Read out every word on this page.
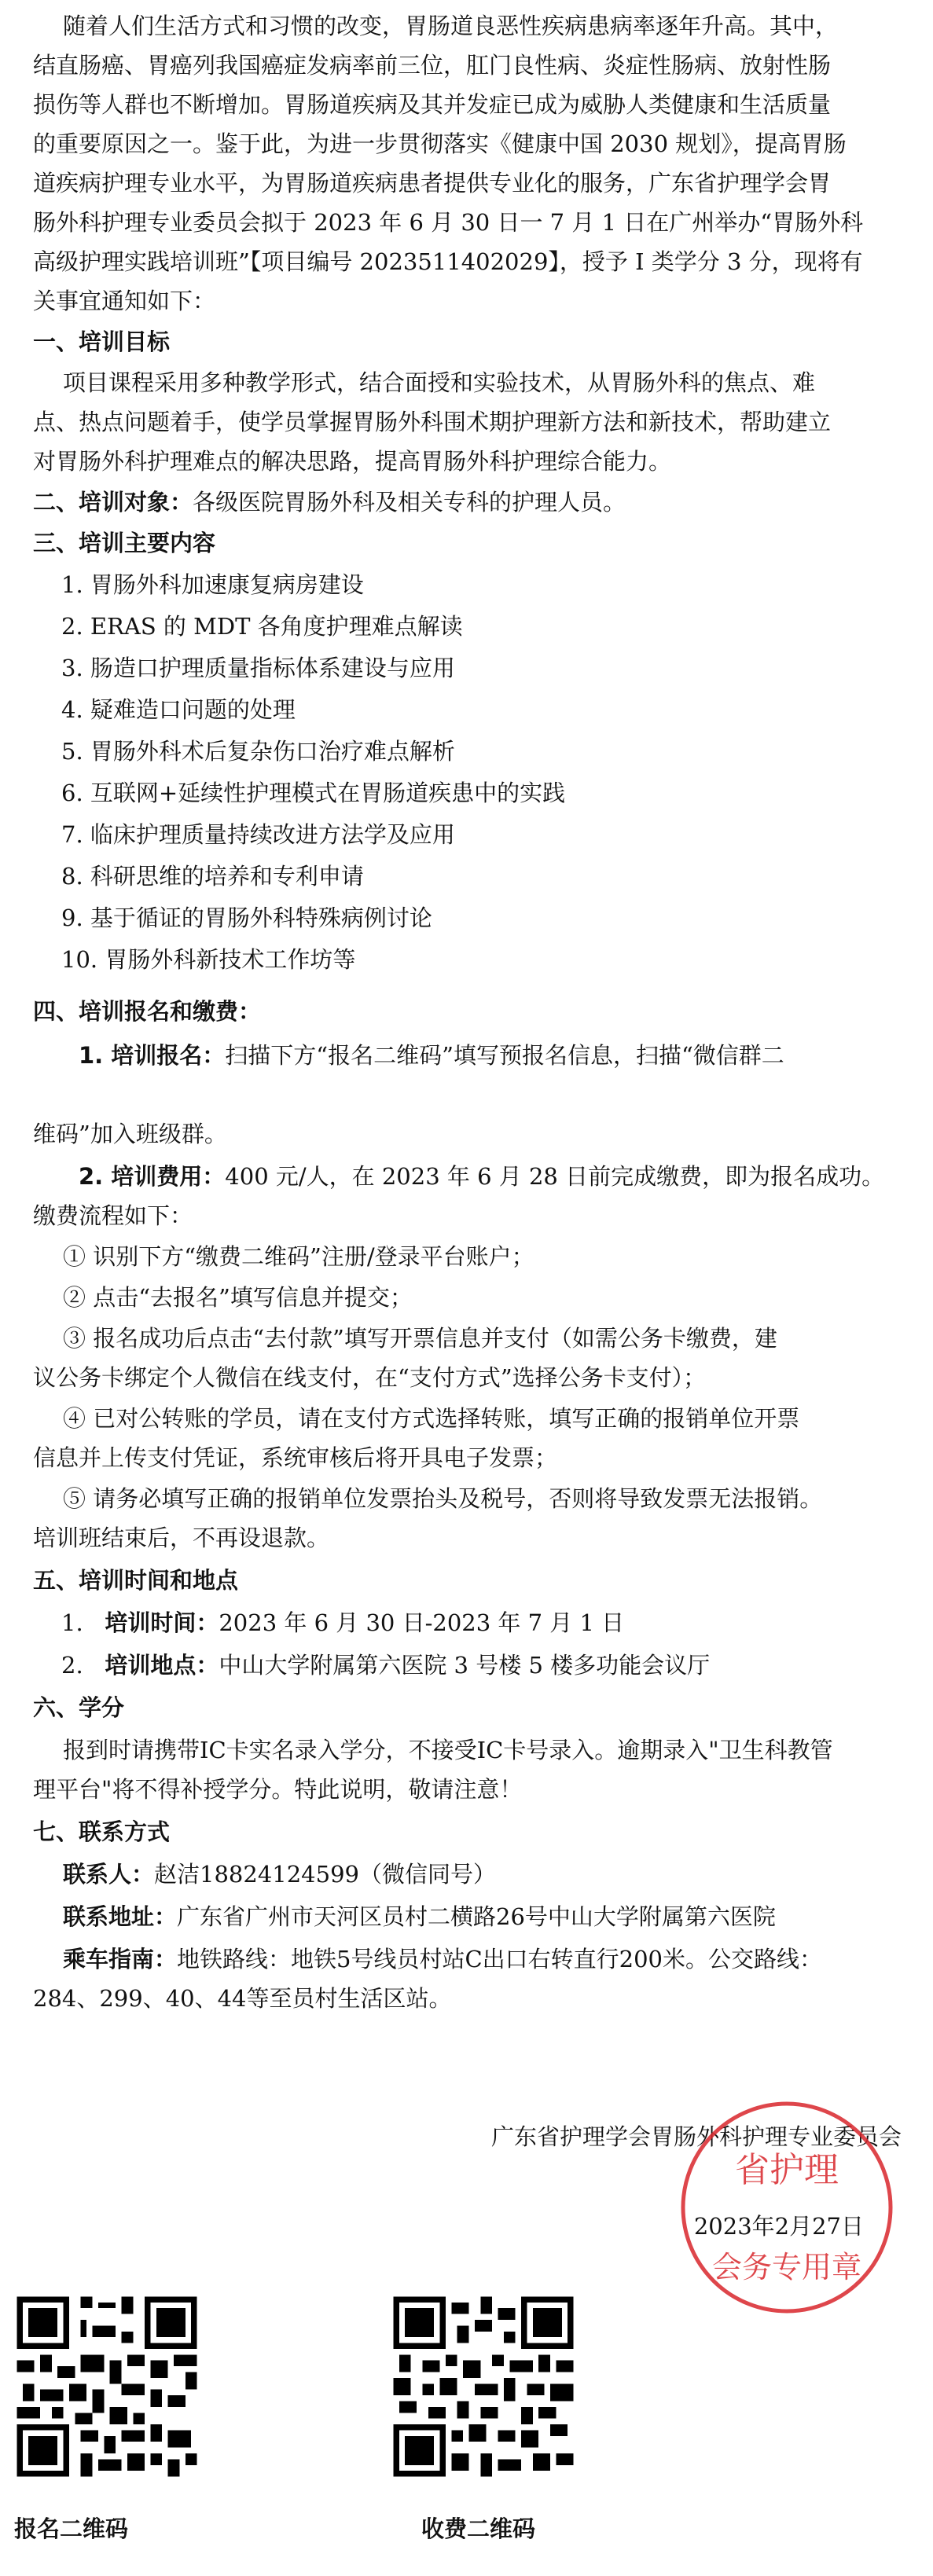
随着人们生活方式和习惯的改变，胃肠道良恶性疾病患病率逐年升高。其中，
结直肠癌、胃癌列我国癌症发病率前三位，肛门良性病、炎症性肠病、放射性肠
损伤等人群也不断增加。胃肠道疾病及其并发症已成为威胁人类健康和生活质量
的重要原因之一。鉴于此，为进一步贯彻落实《健康中国 2030 规划》，提高胃肠
道疾病护理专业水平，为胃肠道疾病患者提供专业化的服务，广东省护理学会胃
肠外科护理专业委员会拟于 2023 年 6 月 30 日一 7 月 1 日在广州举办“胃肠外科
高级护理实践培训班”【项目编号 2023511402029】，授予 I 类学分 3 分，现将有
关事宜通知如下：
一、培训目标
项目课程采用多种教学形式，结合面授和实验技术，从胃肠外科的焦点、难
点、热点问题着手，使学员掌握胃肠外科围术期护理新方法和新技术，帮助建立
对胃肠外科护理难点的解决思路，提高胃肠外科护理综合能力。
二、培训对象：各级医院胃肠外科及相关专科的护理人员。
三、培训主要内容
1. 胃肠外科加速康复病房建设
2. ERAS 的 MDT 各角度护理难点解读
3. 肠造口护理质量指标体系建设与应用
4. 疑难造口问题的处理
5. 胃肠外科术后复杂伤口治疗难点解析
6. 互联网+延续性护理模式在胃肠道疾患中的实践
7. 临床护理质量持续改进方法学及应用
8. 科研思维的培养和专利申请
9. 基于循证的胃肠外科特殊病例讨论
10. 胃肠外科新技术工作坊等
四、培训报名和缴费：
1. 培训报名：扫描下方“报名二维码”填写预报名信息，扫描“微信群二
维码”加入班级群。
2. 培训费用：400 元/人，在 2023 年 6 月 28 日前完成缴费，即为报名成功。
缴费流程如下：
① 识别下方“缴费二维码”注册/登录平台账户；
② 点击“去报名”填写信息并提交；
③ 报名成功后点击“去付款”填写开票信息并支付（如需公务卡缴费，建
议公务卡绑定个人微信在线支付，在“支付方式”选择公务卡支付）；
④ 已对公转账的学员，请在支付方式选择转账，填写正确的报销单位开票
信息并上传支付凭证，系统审核后将开具电子发票；
⑤ 请务必填写正确的报销单位发票抬头及税号，否则将导致发票无法报销。
培训班结束后，不再设退款。
五、培训时间和地点
1. 培训时间：2023 年 6 月 30 日-2023 年 7 月 1 日
2. 培训地点：中山大学附属第六医院 3 号楼 5 楼多功能会议厅
六、学分
报到时请携带IC卡实名录入学分，不接受IC卡号录入。逾期录入"卫生科教管
理平台"将不得补授学分。特此说明，敬请注意！
七、联系方式
联系人：赵洁18824124599（微信同号）
联系地址：广东省广州市天河区员村二横路26号中山大学附属第六医院
乘车指南：地铁路线：地铁5号线员村站C出口右转直行200米。公交路线：
284、299、40、44等至员村生活区站。
广东省护理学会胃肠外科护理专业委员会
2023年2月27日
省护理
会务专用章
报名二维码	收费二维码
